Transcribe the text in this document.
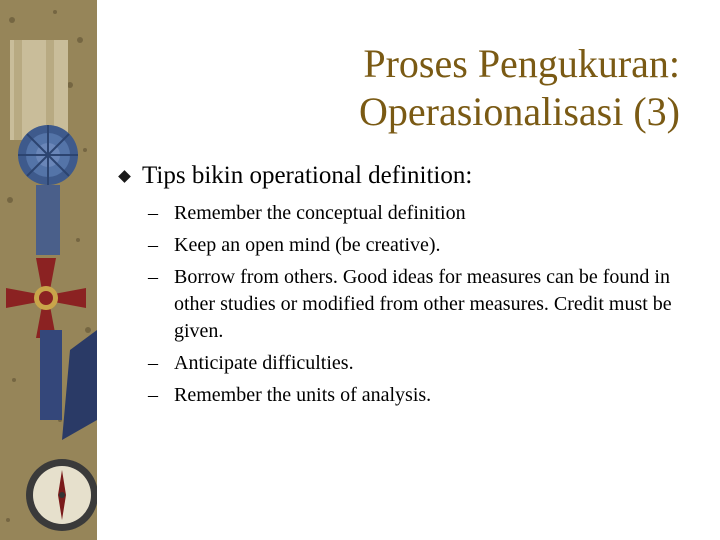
Proses Pengukuran:
Operasionalisasi (3)
Tips bikin operational definition:
– Remember the conceptual definition
– Keep an open mind (be creative).
– Borrow from others. Good ideas for measures can be found in other studies or modified from other measures. Credit must be given.
– Anticipate difficulties.
– Remember the units of analysis.
